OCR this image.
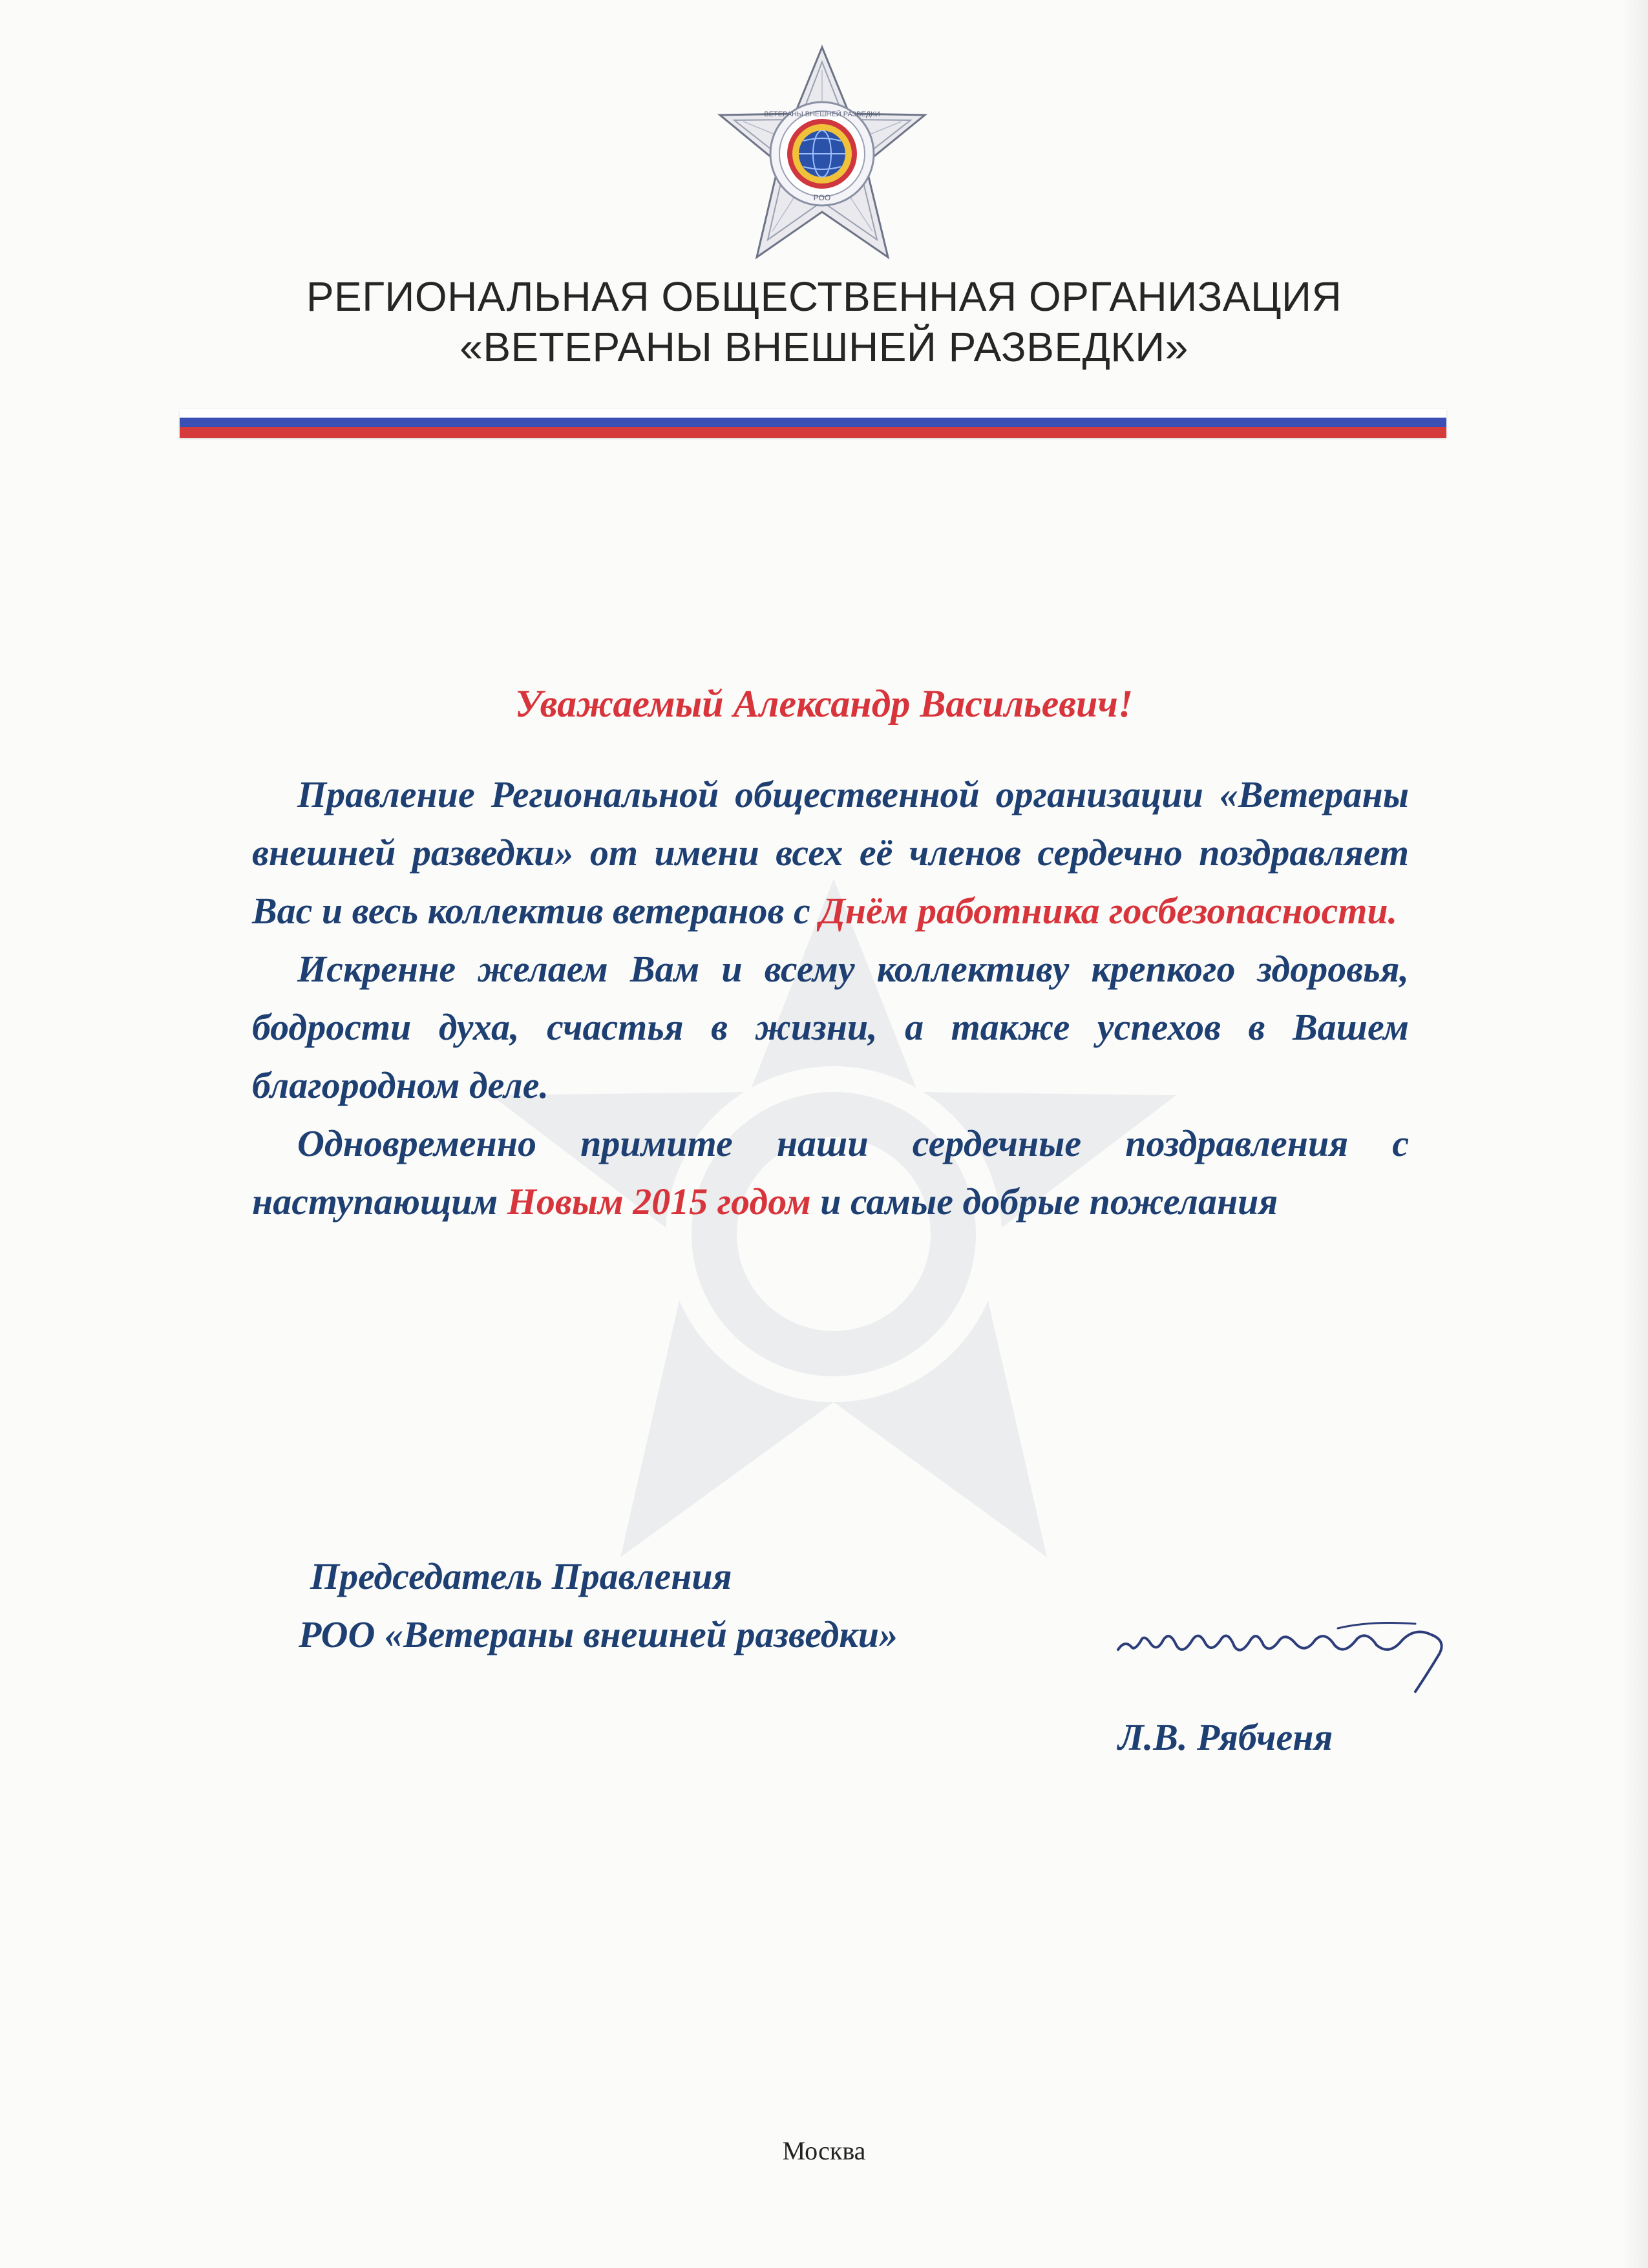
ВЕТЕРАНЫ ВНЕШНЕЙ РАЗВЕДКИ
РОО
РЕГИОНАЛЬНАЯ ОБЩЕСТВЕННАЯ ОРГАНИЗАЦИЯ
«ВЕТЕРАНЫ ВНЕШНЕЙ РАЗВЕДКИ»
Уважаемый Александр Васильевич!

Правление Региональной общественной организации «Ветераны внешней разведки» от имени всех её членов сердечно поздравляет Вас и весь коллектив ветеранов с Днём работника госбезопасности.

Искренне желаем Вам и всему коллективу крепкого здоровья, бодрости духа, счастья в жизни, а также успехов в Вашем благородном деле.

Одновременно примите наши сердечные поздравления с наступающим Новым 2015 годом и самые добрые пожелания

Председатель Правления
РОО «Ветераны внешней разведки»
Л.В. Рябченя
Москва
